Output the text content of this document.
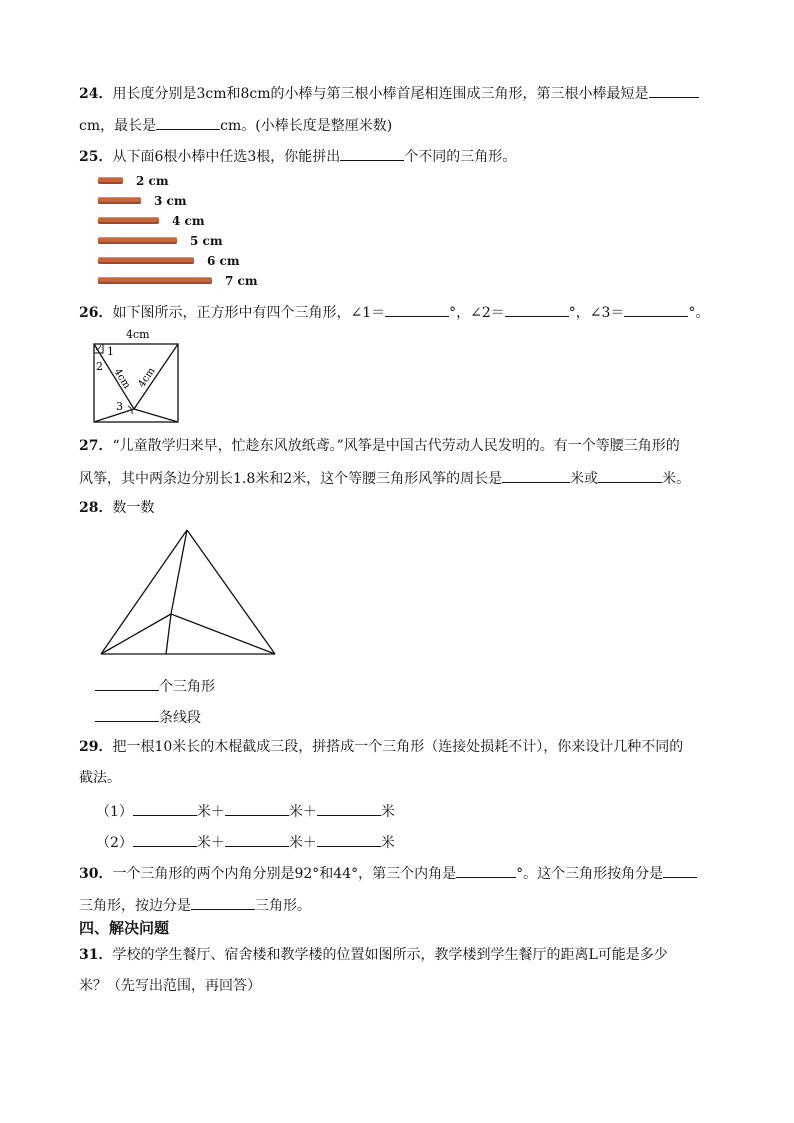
24．用长度分别是3cm和8cm的小棒与第三根小棒首尾相连围成三角形，第三根小棒最短是
cm，最长是	cm。(小棒长度是整厘米数)
25．从下面6根小棒中任选3根，你能拼出	个不同的三角形。
2 cm
3 cm
4 cm
5 cm
6 cm
7 cm
26．如下图所示，正方形中有四个三角形，∠1＝	°，∠2＝	°，∠3＝	°。
4cm
1
2
3
4cm 4cm
27．“儿童散学归来早，忙趁东风放纸鸢。”风筝是中国古代劳动人民发明的。有一个等腰三角形的
风筝，其中两条边分别长1.8米和2米，这个等腰三角形风筝的周长是	米或	米。
28．数一数
个三角形
条线段
29．把一根10米长的木棍截成三段，拼搭成一个三角形（连接处损耗不计），你来设计几种不同的
截法。
（1）	米＋	米＋	米
（2）	米＋	米＋	米
30．一个三角形的两个内角分别是92°和44°，第三个内角是	°。这个三角形按角分是
三角形，按边分是	三角形。
四、解决问题
31．学校的学生餐厅、宿舍楼和教学楼的位置如图所示，教学楼到学生餐厅的距离L可能是多少
米？（先写出范围，再回答）
